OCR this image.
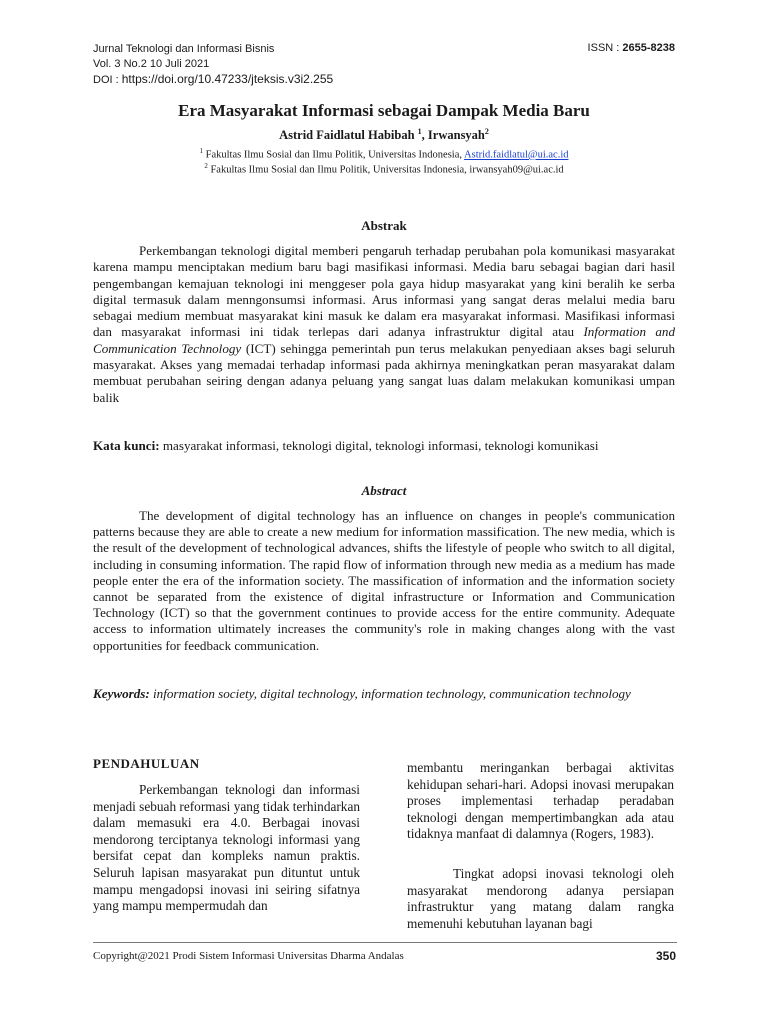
Jurnal Teknologi dan Informasi Bisnis
Vol. 3 No.2 10 Juli 2021
DOI : https://doi.org/10.47233/jteksis.v3i2.255
ISSN : 2655-8238
Era Masyarakat Informasi sebagai Dampak Media Baru
Astrid Faidlatul Habibah $^1$, Irwansyah$^2$
$^1$ Fakultas Ilmu Sosial dan Ilmu Politik, Universitas Indonesia, Astrid.faidlatul@ui.ac.id
$^2$ Fakultas Ilmu Sosial dan Ilmu Politik, Universitas Indonesia, irwansyah09@ui.ac.id
Abstrak
Perkembangan teknologi digital memberi pengaruh terhadap perubahan pola komunikasi masyarakat karena mampu menciptakan medium baru bagi masifikasi informasi. Media baru sebagai bagian dari hasil pengembangan kemajuan teknologi ini menggeser pola gaya hidup masyarakat yang kini beralih ke serba digital termasuk dalam menngonsumsi informasi. Arus informasi yang sangat deras melalui media baru sebagai medium membuat masyarakat kini masuk ke dalam era masyarakat informasi. Masifikasi informasi dan masyarakat informasi ini tidak terlepas dari adanya infrastruktur digital atau Information and Communication Technology (ICT) sehingga pemerintah pun terus melakukan penyediaan akses bagi seluruh masyarakat. Akses yang memadai terhadap informasi pada akhirnya meningkatkan peran masyarakat dalam membuat perubahan seiring dengan adanya peluang yang sangat luas dalam melakukan komunikasi umpan balik
Kata kunci: masyarakat informasi, teknologi digital, teknologi informasi, teknologi komunikasi
Abstract
The development of digital technology has an influence on changes in people's communication patterns because they are able to create a new medium for information massification. The new media, which is the result of the development of technological advances, shifts the lifestyle of people who switch to all digital, including in consuming information. The rapid flow of information through new media as a medium has made people enter the era of the information society. The massification of information and the information society cannot be separated from the existence of digital infrastructure or Information and Communication Technology (ICT) so that the government continues to provide access for the entire community. Adequate access to information ultimately increases the community's role in making changes along with the vast opportunities for feedback communication.
Keywords: information society, digital technology, information technology, communication technology
PENDAHULUAN
Perkembangan teknologi dan informasi menjadi sebuah reformasi yang tidak terhindarkan dalam memasuki era 4.0. Berbagai inovasi mendorong terciptanya teknologi informasi yang bersifat cepat dan kompleks namun praktis. Seluruh lapisan masyarakat pun dituntut untuk mampu mengadopsi inovasi ini seiring sifatnya yang mampu mempermudah dan
membantu meringankan berbagai aktivitas kehidupan sehari-hari. Adopsi inovasi merupakan proses implementasi terhadap peradaban teknologi dengan mempertimbangkan ada atau tidaknya manfaat di dalamnya (Rogers, 1983).
Tingkat adopsi inovasi teknologi oleh masyarakat mendorong adanya persiapan infrastruktur yang matang dalam rangka memenuhi kebutuhan layanan bagi
Copyright@2021 Prodi Sistem Informasi Universitas Dharma Andalas	350
